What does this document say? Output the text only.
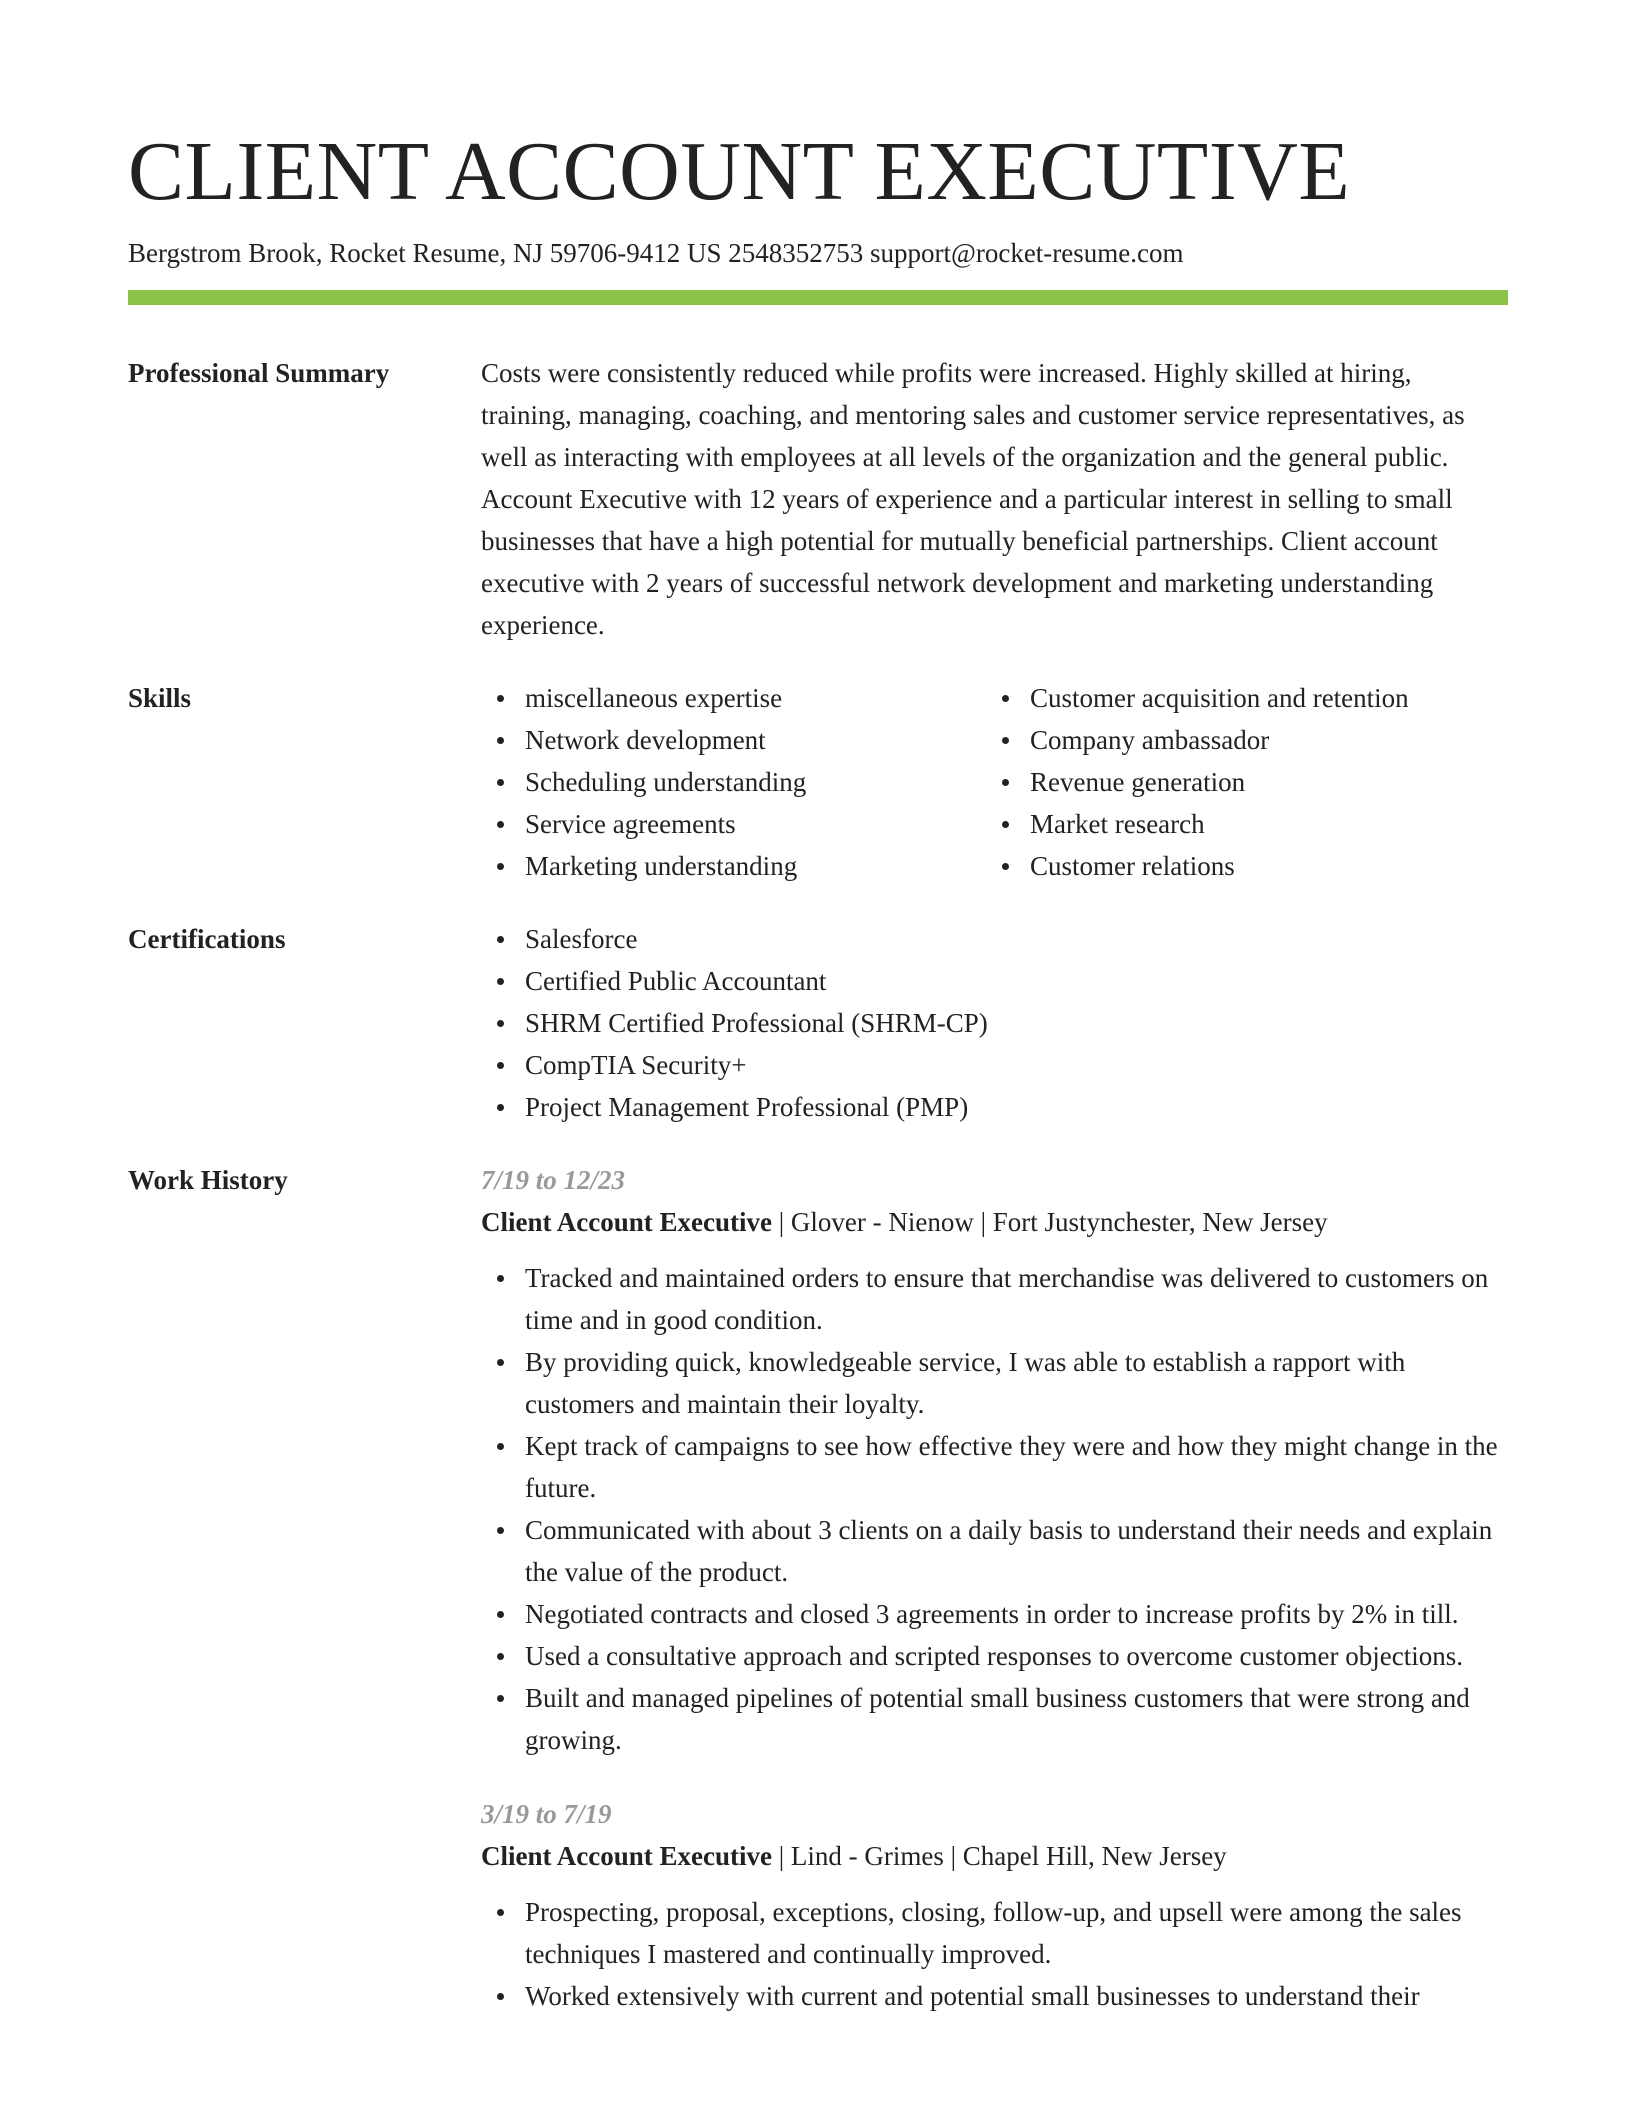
CLIENT ACCOUNT EXECUTIVE
Bergstrom Brook, Rocket Resume, NJ 59706-9412 US 2548352753 support@rocket-resume.com
Professional Summary	Costs were consistently reduced while profits were increased. Highly skilled at hiring, training, managing, coaching, and mentoring sales and customer service representatives, as well as interacting with employees at all levels of the organization and the general public. Account Executive with 12 years of experience and a particular interest in selling to small businesses that have a high potential for mutually beneficial partnerships. Client account executive with 2 years of successful network development and marketing understanding experience.
Skills	miscellaneous expertise
Network development
Scheduling understanding
Service agreements
Marketing understanding
Customer acquisition and retention
Company ambassador
Revenue generation
Market research
Customer relations
Certifications	Salesforce
Certified Public Accountant
SHRM Certified Professional (SHRM-CP)
CompTIA Security+
Project Management Professional (PMP)
Work History	7/19 to 12/23
Client Account Executive | Glover - Nienow | Fort Justynchester, New Jersey
Tracked and maintained orders to ensure that merchandise was delivered to customers on time and in good condition.
By providing quick, knowledgeable service, I was able to establish a rapport with customers and maintain their loyalty.
Kept track of campaigns to see how effective they were and how they might change in the future.
Communicated with about 3 clients on a daily basis to understand their needs and explain the value of the product.
Negotiated contracts and closed 3 agreements in order to increase profits by 2% in till.
Used a consultative approach and scripted responses to overcome customer objections.
Built and managed pipelines of potential small business customers that were strong and growing.
3/19 to 7/19
Client Account Executive | Lind - Grimes | Chapel Hill, New Jersey
Prospecting, proposal, exceptions, closing, follow-up, and upsell were among the sales techniques I mastered and continually improved.
Worked extensively with current and potential small businesses to understand their
